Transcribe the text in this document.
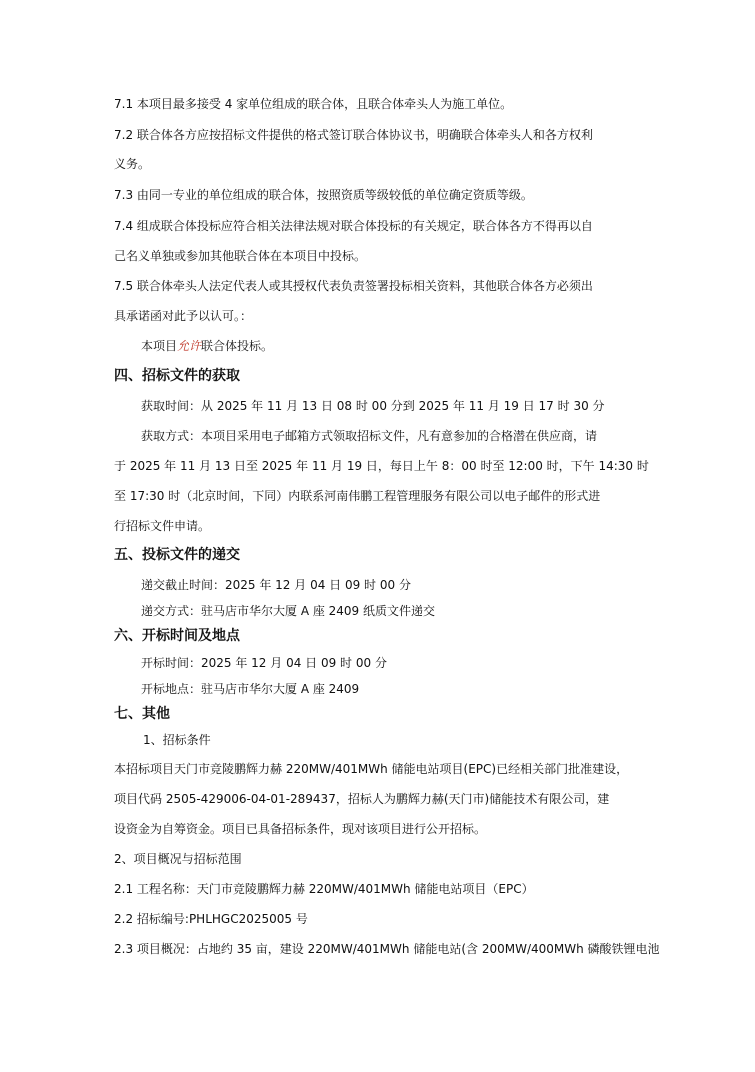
7.1 本项目最多接受 4 家单位组成的联合体，且联合体牵头人为施工单位。
7.2 联合体各方应按招标文件提供的格式签订联合体协议书，明确联合体牵头人和各方权利
义务。
7.3 由同一专业的单位组成的联合体，按照资质等级较低的单位确定资质等级。
7.4 组成联合体投标应符合相关法律法规对联合体投标的有关规定，联合体各方不得再以自
己名义单独或参加其他联合体在本项目中投标。
7.5 联合体牵头人法定代表人或其授权代表负责签署投标相关资料，其他联合体各方必须出
具承诺函对此予以认可。：
本项目允许联合体投标。
四、招标文件的获取
获取时间：从 2025 年 11 月 13 日 08 时 00 分到 2025 年 11 月 19 日 17 时 30 分
获取方式：本项目采用电子邮箱方式领取招标文件，凡有意参加的合格潜在供应商，请
于 2025 年 11 月 13 日至 2025 年 11 月 19 日，每日上午 8：00 时至 12:00 时，下午 14:30 时
至 17:30 时（北京时间，下同）内联系河南伟鹏工程管理服务有限公司以电子邮件的形式进
行招标文件申请。
五、投标文件的递交
递交截止时间：2025 年 12 月 04 日 09 时 00 分
递交方式：驻马店市华尔大厦 A 座 2409 纸质文件递交
六、开标时间及地点
开标时间：2025 年 12 月 04 日 09 时 00 分
开标地点：驻马店市华尔大厦 A 座 2409
七、其他
1、招标条件
本招标项目天门市竞陵鹏辉力赫 220MW/401MWh 储能电站项目(EPC)已经相关部门批准建设，
项目代码 2505-429006-04-01-289437，招标人为鹏辉力赫(天门市)储能技术有限公司，建
设资金为自筹资金。项目已具备招标条件，现对该项目进行公开招标。
2、项目概况与招标范围
2.1 工程名称：天门市竞陵鹏辉力赫 220MW/401MWh 储能电站项目（EPC）
2.2 招标编号:PHLHGC2025005 号
2.3 项目概况：占地约 35 亩，建设 220MW/401MWh 储能电站(含 200MW/400MWh 磷酸铁锂电池
